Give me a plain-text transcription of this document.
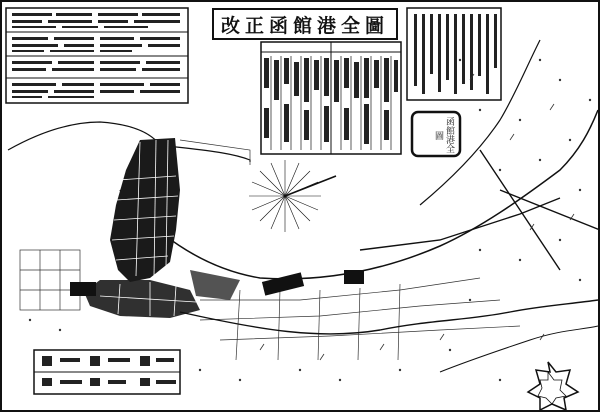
改正函館港全圖
函館港全圖
